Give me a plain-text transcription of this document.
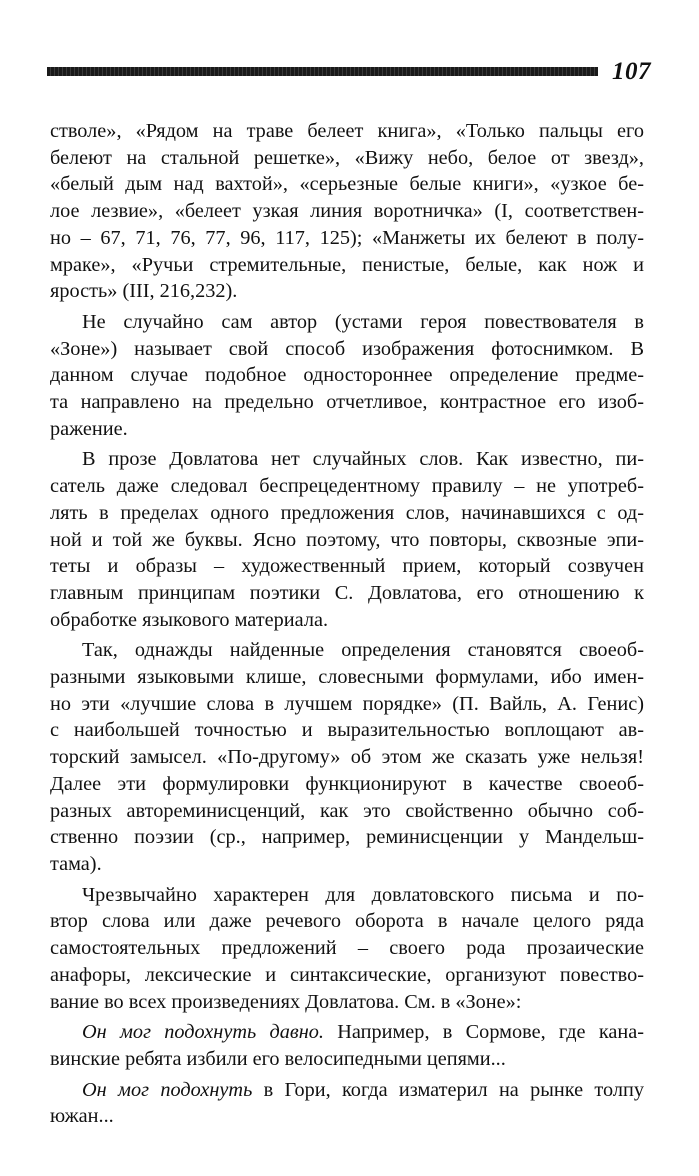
107
стволе», «Рядом на траве белеет книга», «Только пальцы его
белеют на стальной решетке», «Вижу небо, белое от звезд»,
«белый дым над вахтой», «серьезные белые книги», «узкое бе-
лое лезвие», «белеет узкая линия воротничка» (I, соответствен-
но – 67, 71, 76, 77, 96, 117, 125); «Манжеты их белеют в полу-
мраке», «Ручьи стремительные, пенистые, белые, как нож и
ярость» (III, 216,232).
Не случайно сам автор (устами героя повествователя в
«Зоне») называет свой способ изображения фотоснимком. В
данном случае подобное одностороннее определение предме-
та направлено на предельно отчетливое, контрастное его изоб-
ражение.
В прозе Довлатова нет случайных слов. Как известно, пи-
сатель даже следовал беспрецедентному правилу – не употреб-
лять в пределах одного предложения слов, начинавшихся с од-
ной и той же буквы. Ясно поэтому, что повторы, сквозные эпи-
теты и образы – художественный прием, который созвучен
главным принципам поэтики С. Довлатова, его отношению к
обработке языкового материала.
Так, однажды найденные определения становятся своеоб-
разными языковыми клише, словесными формулами, ибо имен-
но эти «лучшие слова в лучшем порядке» (П. Вайль, А. Генис)
с наибольшей точностью и выразительностью воплощают ав-
торский замысел. «По-другому» об этом же сказать уже нельзя!
Далее эти формулировки функционируют в качестве своеоб-
разных автореминисценций, как это свойственно обычно соб-
ственно поэзии (ср., например, реминисценции у Мандельш-
тама).
Чрезвычайно характерен для довлатовского письма и по-
втор слова или даже речевого оборота в начале целого ряда
самостоятельных предложений – своего рода прозаические
анафоры, лексические и синтаксические, организуют повество-
вание во всех произведениях Довлатова. См. в «Зоне»:
Он мог подохнуть давно. Например, в Сормове, где кана-
винские ребята избили его велосипедными цепями...
Он мог подохнуть в Гори, когда изматерил на рынке толпу
южан...
